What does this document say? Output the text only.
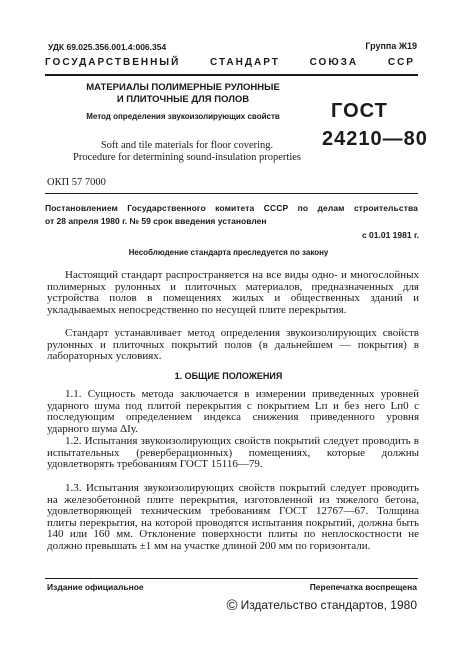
УДК 69.025.356.001.4:006.354	Группа Ж19
ГОСУДАРСТВЕННЫЙ	СТАНДАРТ	СОЮЗА	ССР
МАТЕРИАЛЫ ПОЛИМЕРНЫЕ РУЛОННЫЕ
И ПЛИТОЧНЫЕ ДЛЯ ПОЛОВ
Метод определения звукоизолирующих свойств
Soft and tile materials for floor covering.
Procedure for determining sound-insulation properties
ГОСТ
24210—80
ОКП 57 7000
Постановлением Государственного комитета СССР по делам строительства
от 28 апреля 1980 г. № 59 срок введения установлен
с 01.01 1981 г.
Несоблюдение стандарта преследуется по закону
Настоящий стандарт распространяется на все виды одно- и многослойных полимерных рулонных и плиточных материалов, предназначенных для устройства полов в помещениях жилых и общественных зданий и укладываемых непосредственно по несущей плите перекрытия.
Стандарт устанавливает метод определения звукоизолирующих свойств рулонных и плиточных покрытий полов (в дальнейшем — покрытия) в лабораторных условиях.
1. ОБЩИЕ ПОЛОЖЕНИЯ
1.1. Сущность метода заключается в измерении приведенных уровней ударного шума под плитой перекрытия с покрытием Lп и без него Lп0 с последующим определением индекса снижения приведенного уровня ударного шума ΔIу.
1.2. Испытания звукоизолирующих свойств покрытий следует проводить в испытательных (реверберационных) помещениях, которые должны удовлетворять требованиям ГОСТ 15116—79.
1.3. Испытания звукоизолирующих свойств покрытий следует проводить на железобетонной плите перекрытия, изготовленной из тяжелого бетона, удовлетворяющей техническим требованиям ГОСТ 12767—67. Толщина плиты перекрытия, на которой проводятся испытания покрытий, должна быть 140 или 160 мм. Отклонение поверхности плиты по неплоскостности не должно превышать ±1 мм на участке длиной 200 мм по горизонтали.
Издание официальное	Перепечатка воспрещена
© Издательство стандартов, 1980
